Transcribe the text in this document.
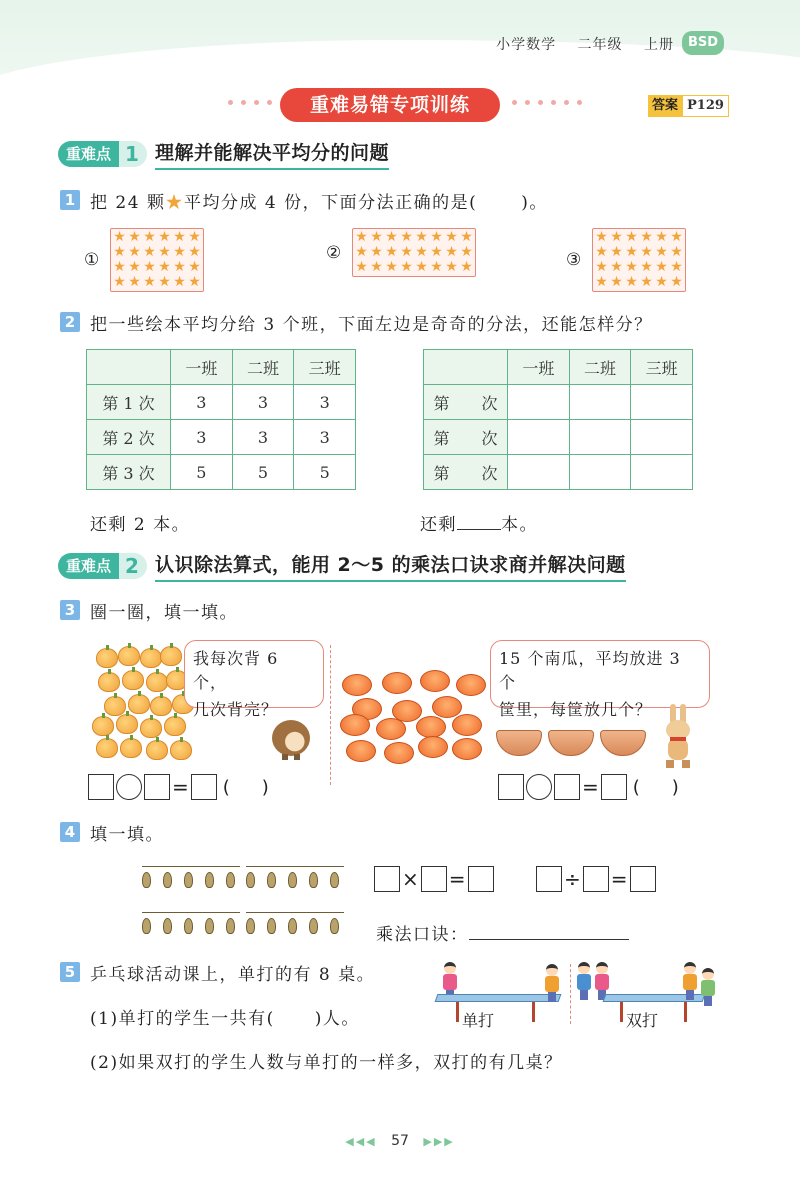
小学数学 二年级 上册	BSD
重难易错专项训练	答案 P129
重难点 1 理解并能解决平均分的问题
1 把 24 颗★平均分成 4 份，下面分法正确的是(	)。
①
★ ★ ★ ★ ★ ★
★ ★ ★ ★ ★ ★
★ ★ ★ ★ ★ ★
★ ★ ★ ★ ★ ★
②
★ ★ ★ ★ ★ ★ ★ ★
★ ★ ★ ★ ★ ★ ★ ★
★ ★ ★ ★ ★ ★ ★ ★	③
★ ★ ★ ★ ★ ★
★ ★ ★ ★ ★ ★
★ ★ ★ ★ ★ ★
★ ★ ★ ★ ★ ★
2 把一些绘本平均分给 3 个班，下面左边是奇奇的分法，还能怎样分？
	一班	二班	三班
第 1 次	3	3	3
第 2 次	3	3	3
第 3 次	5	5	5
	一班	二班	三班
第　　次			
第　　次			
第　　次			
还剩 2 本。	还剩	本。
重难点 2 认识除法算式，能用 2～5 的乘法口诀求商并解决问题
3 圈一圈，填一填。
我每次背 6 个，
几次背完？
= ( )
15 个南瓜，平均放进 3 个
筐里，每筐放几个？
= ( )
4 填一填。
× =	÷ =
乘法口诀：
5 乒乓球活动课上，单打的有 8 桌。
(1)单打的学生一共有( )人。
(2)如果双打的学生人数与单打的一样多，双打的有几桌？
单打	双打
◀◀◀ 57 ▶▶▶
